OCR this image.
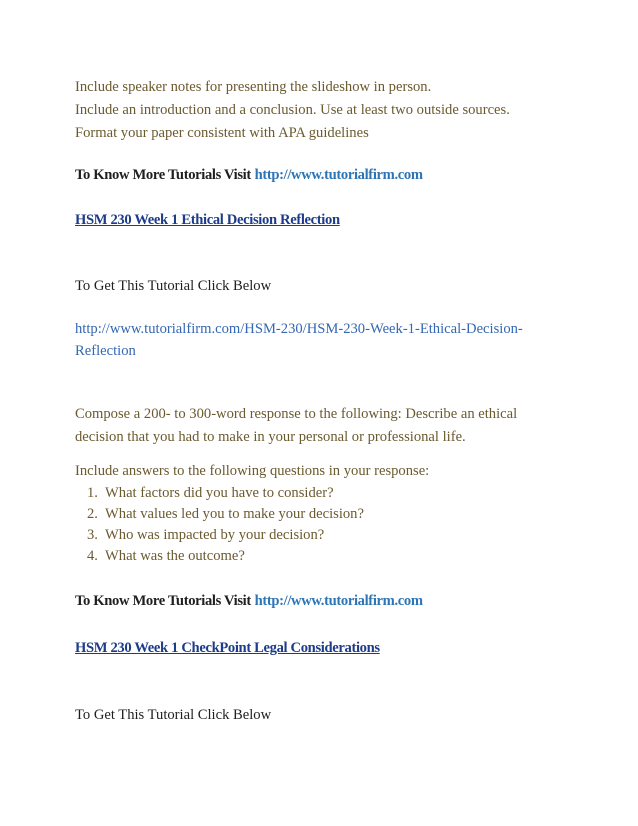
Include speaker notes for presenting the slideshow in person.
Include an introduction and a conclusion. Use at least two outside sources.
Format your paper consistent with APA guidelines
To Know More Tutorials Visit http://www.tutorialfirm.com
HSM 230 Week 1 Ethical Decision Reflection
To Get This Tutorial Click Below
http://www.tutorialfirm.com/HSM-230/HSM-230-Week-1-Ethical-Decision-
Reflection
Compose a 200- to 300-word response to the following: Describe an ethical
decision that you had to make in your personal or professional life.
Include answers to the following questions in your response:
1. What factors did you have to consider?
2. What values led you to make your decision?
3. Who was impacted by your decision?
4. What was the outcome?
To Know More Tutorials Visit http://www.tutorialfirm.com
HSM 230 Week 1 CheckPoint Legal Considerations
To Get This Tutorial Click Below
